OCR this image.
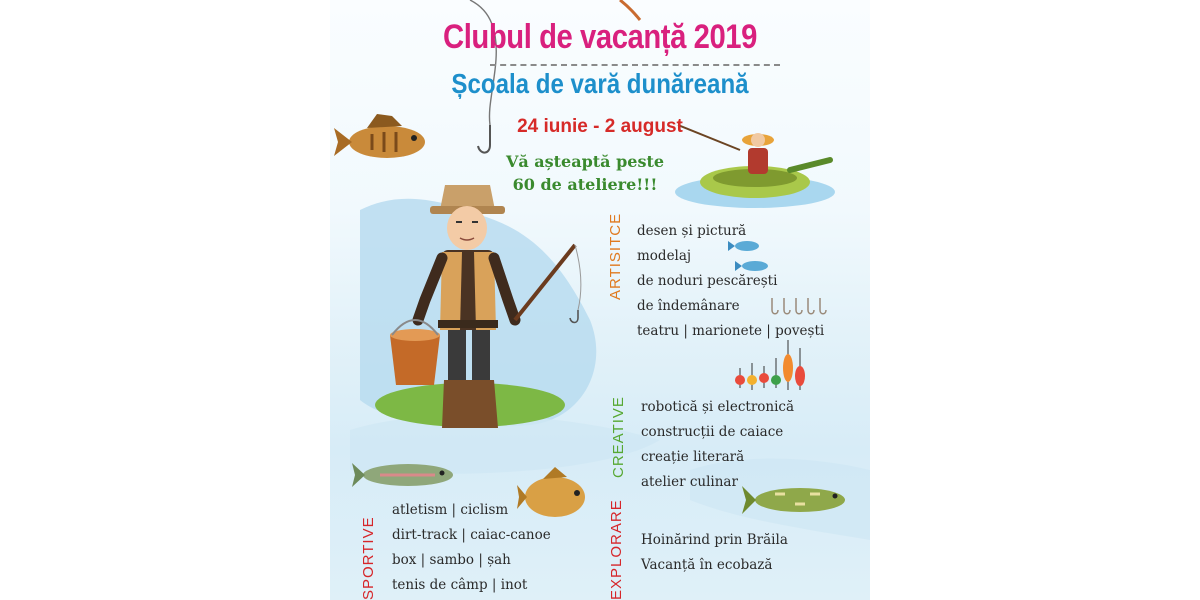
Clubul de vacanță 2019
Școala de vară dunăreană
24 iunie - 2 august
Vă așteaptă peste
60 de ateliere!!!
ARTISITCE desen și pictură
modelaj
de noduri pescărești
de îndemânare
teatru | marionete | povești
CREATIVE robotică și electronică
construcții de caiace
creație literară
atelier culinar
EXPLORARE Hoinărind prin Brăila
Vacanță în ecobază
SPORTIVE
atletism | ciclism
dirt-track | caiac-canoe
box | sambo | șah
tenis de câmp | inot
